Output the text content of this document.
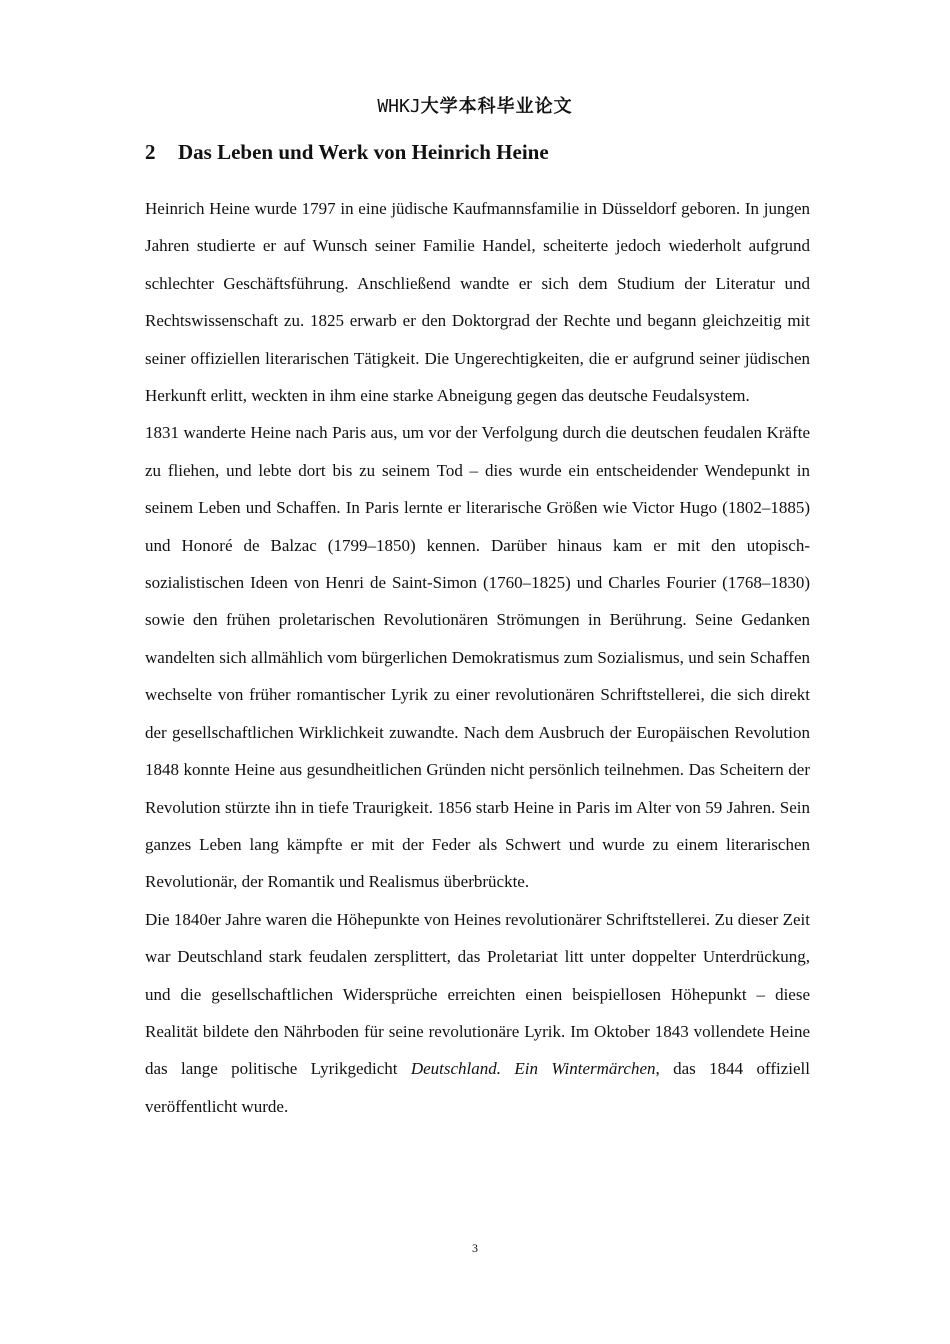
WHKJ大学本科毕业论文
2 Das Leben und Werk von Heinrich Heine

Heinrich Heine wurde 1797 in eine jüdische Kaufmannsfamilie in Düsseldorf geboren. In jungen Jahren studierte er auf Wunsch seiner Familie Handel, scheiterte jedoch wiederholt aufgrund schlechter Geschäftsführung. Anschließend wandte er sich dem Studium der Literatur und Rechtswissenschaft zu. 1825 erwarb er den Doktorgrad der Rechte und begann gleichzeitig mit seiner offiziellen literarischen Tätigkeit. Die Ungerechtigkeiten, die er aufgrund seiner jüdischen Herkunft erlitt, weckten in ihm eine starke Abneigung gegen das deutsche Feudalsystem.

1831 wanderte Heine nach Paris aus, um vor der Verfolgung durch die deutschen feudalen Kräfte zu fliehen, und lebte dort bis zu seinem Tod – dies wurde ein entscheidender Wendepunkt in seinem Leben und Schaffen. In Paris lernte er literarische Größen wie Victor Hugo (1802–1885) und Honoré de Balzac (1799–1850) kennen. Darüber hinaus kam er mit den utopisch-sozialistischen Ideen von Henri de Saint-Simon (1760–1825) und Charles Fourier (1768–1830) sowie den frühen proletarischen Revolutionären Strömungen in Berührung. Seine Gedanken wandelten sich allmählich vom bürgerlichen Demokratismus zum Sozialismus, und sein Schaffen wechselte von früher romantischer Lyrik zu einer revolutionären Schriftstellerei, die sich direkt der gesellschaftlichen Wirklichkeit zuwandte. Nach dem Ausbruch der Europäischen Revolution 1848 konnte Heine aus gesundheitlichen Gründen nicht persönlich teilnehmen. Das Scheitern der Revolution stürzte ihn in tiefe Traurigkeit. 1856 starb Heine in Paris im Alter von 59 Jahren. Sein ganzes Leben lang kämpfte er mit der Feder als Schwert und wurde zu einem literarischen Revolutionär, der Romantik und Realismus überbrückte.

Die 1840er Jahre waren die Höhepunkte von Heines revolutionärer Schriftstellerei. Zu dieser Zeit war Deutschland stark feudalen zersplittert, das Proletariat litt unter doppelter Unterdrückung, und die gesellschaftlichen Widersprüche erreichten einen beispiellosen Höhepunkt – diese Realität bildete den Nährboden für seine revolutionäre Lyrik. Im Oktober 1843 vollendete Heine das lange politische Lyrikgedicht Deutschland. Ein Wintermärchen, das 1844 offiziell veröffentlicht wurde.

3
